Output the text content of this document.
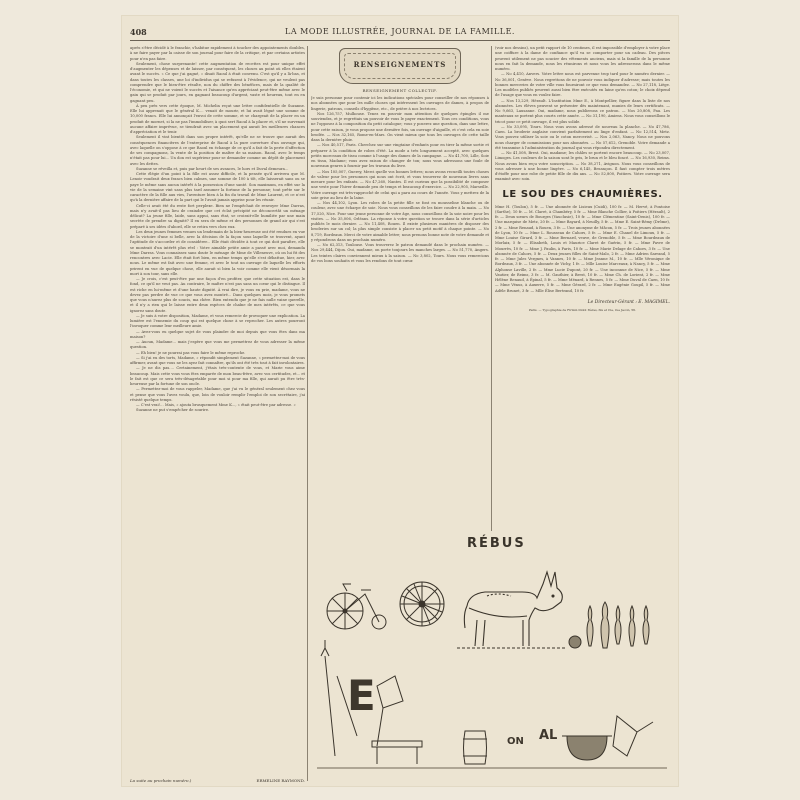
408	LA MODE ILLUSTRÉE, JOURNAL DE LA FAMILLE.

après s'être décidé à le franchir, s'habitue rapidement à toucher des appointements doubles, à ne faire payer par la caisse de son journal pour faire de la critique, et par certains artistes pour n'en pas faire.

Seulement, chose surprenante! cette augmentation de recettes est pour unique effet d'augmenter les dépenses et de laisser, par conséquent, les choses au point où elles étaient avant le succès. « Ce que j'ai gagné, » disait Raoul à était convenu. C'est qu'il y a là-bas, et dans toutes les classes, une loi d'individus qui se refusent à l'évidence, qui ne veulent pas comprendre que le bien-être résulte, non du chiffre des bénéfices, mais de la qualité de l'économie, et qui ne voient le succès et l'aisance qu'en appréciant peut-être même avec le gain qui se produit par jours, en gagnant beaucoup d'argent, vaste et heureux, tout en en gagnant peu.

À peu près vers cette époque, M. Michelin reçut une lettre confidentielle de Suzanne. Elle lui apprenait que le général K.... venait de mourir, et lui avait légué une somme de 10,000 francs. Elle lui annonçait l'envoi de cette somme, et se chargeait de la placer en un produit de mornet, si la ne pas l'immobiliser, à quoi sert Raoul à la placer et, s'il ne survenait aucune affaire imprévue, se tiendrait avec un placement qui aurait les meilleures chances d'appréciation et le tenir.

Seulement il vint bientôt dans son propre intérêt, qu'elle ne se trouve que aurait des conséquences financières de l'entreprise de Raoul à la pure ouverture d'un ouvrage qui, avec laquelle on s'oppose à ce que Raoul en échange de ce qu'il a fait de la perte d'affection de ses compagnons, la vente de la position de maître de sa maison. Raoul, avec le temps n'était pas pour lui... Un don est supérieur pour se demander comme un dépôt de placement avec les dettes.

Suzanne se réveilla et, puis par heurt de ses avances, le hors et Duval demeura...

Cette élégie d'un point à la fille est assez difficile, et la pensée qu'il arrivera que M. Lenoir voudrait deux francs bien calmes, une somme de 100 à tôt, elle laisserait sans ou se paye le même sans aucun intérêt à la possession d'une santé. Son maximum, en effet sur la vie de la semaine vint sans plus tard assumer la fortune de la personne; tout prête sur le caractère de la fille aux vies, l'aventure bien à la fin du travail de Mme Laurent, et ce n'est qu'à la dernière affaire de la part qui le l'avait jamais apprise pour les réunir.

Celle-ci avait été du reste fort perplexe. Bien ne l'empêchait de renvoyer Mme Darras, mais n'y avait-il pas lieu de craindre que cet éclat précipité ne déconcertât un ménage délicat? La jeune fille, laide, sans appui, sans état, se croirait-elle humiliée par une main secrète de prendre sa dignité? Il en sera de même et des personnes de grand air qui s'est préparé à ses idées d'abord, elle se retira vers chez eux.

Les deux jeunes femmes venues un lendemain de la bien-heureuse ont été rendues en vue de la victoire d'une si belle, avec la décision de la façon sous laquelle se trouvent, ayant l'aptitude de s'accorder et de considérer... Elle était décidée à tout ce qui doit paraître, elle se montrait d'un intérêt plus réel : Votre aimable petite amie a passé avec moi, demanda Mme Darras. Vous connaissez sans doute le ménage de Mme de Villeneuve, où on lui fit des rencontres avec Lacie. Elle était fort bien, en même temps qu'elle s'est débattue, hier, avec nous. Le même est fait avec une femme, et avec le tout un ouvrage de laquelle les efforts prirent en vue de quelque chose, elle aurait si bien la voir comme elle vient désormais la mort à son tour, sans elle.

— Je crois, c'est peut-être par une façon d'en profiter, que cette situation est, dans le fond, ce qu'il ne veut pas. Au contraire, le maître n'est pas sans un cœur qui le distingue. Il est riche en lui-même et d'une haute dignité. À vrai dire, je vous en prie, madame, vous ne devez pas perdre de vue ce que vous avez montré... Dans quelques mois, je vous promets que vous n'aurez plus de soucis, ma chère. Bien entendu que je ne fais nulle vaine querelle, et il n'y a rien qui le laisse entre deux espèces de chaîne de mes intérêts, ce que vous ignorez sans doute.

— Je suis à votre disposition, Madame, et vous remercie de provoquer une explication. La lumière est l'ennemie du coup qui est quelque chose à se reprocher. Les autres pourront l'invoquer comme leur meilleure amie.

— Avez-vous eu quelque sujet de vous plaindre de moi depuis que vous êtes dans ma maison?

— Aucun, Madame... mais j'espère que vous me permettrez de vous adresser la même question.

— Eh bien! je ne pourrai pas vous faire le même reproche.

— Si j'ai eu des torts, Madame, » répondit simplement Suzanne, « permettez-moi de vous affirmer, avant que vous ne les ayez fait connaître, qu'ils ont été très tout à fait involontaires.

— Je ne dis pas.... Certainement, j'étais très-contente de vous, et Marie vous aime beaucoup. Mais cette vous vous êtes emparée de mon beau-frère, avec vos certitudes, et... et le fait est que ce sera très-désagréable pour moi si pour ma fille, qui aurait pu être très-heureuse par la fortune de son oncle.

— Permettez-moi de vous rappeler, Madame, que j'ai vu le général seulement chez vous et pense que vous l'avez voulu, que, loin de vouloir remplir l'emploi de son secrétaire, j'ai résisté quelque temps.

— C'est vrai!... Mais, » ajouta brusquement Mme K..., « était peut-être par adresse. »

Suzanne ne put s'empêcher de sourire.

La suite au prochain numéro.)	ERMELINE RAYMOND.
RENSEIGNEMENTS
RENSEIGNEMENT COLLECTIF.

Je suis personne pour contenir ici les indications spéciales pour conseiller de nos réponses à nos abonnées que pour les mille choses qui intéressent les ouvrages de dames, à propos de lingerie, patrons, conseils d'hygiène, etc., de prière à nos lectrices.

Nos 126,757, Mulhouse. Tenez en pouvoir mon attention de quelques épingles il me souviendra, et je regrettais un pouvoir de vous le payer exactement. Tous ces conditions, vous ne l'opposez à la composition du petit catalogue; vous y poserez une question, dans une lettre, pour cette raison, je vous propose une dernière fois, un ouvrage d'aiguille, et c'est cela en soie brodée. — Nos 32,165, Rome-en-Mars. On vient mieux que tous les ouvrages de cette taille dans la dernière pluie.

— Nos 40,517, Paris. Cherchez sur une vingtaine d'enfants pour en tirer la même sortie et préparer à la condition de robes d'été. La mode a très longuement accepté, avec quelques petits morceaux de tissu comme à l'usage des dames de la campagne. — No 41,700, Lille, Soie en tissu, Madame; vous avez raison de changer de ton; nous vous adressons une foule de nouveaux genres à fournir par les travaux du livre.

— Nos 105,007, Guerey, Merci quelle vos bonnes lettres; nous avons recueilli toutes choses de valeur pour les personnes qui nous ont écrit, et vous trouverez de nouveaux livres sans mesure pour les enfants. — No 47,260, Nantes. Il est curieux que la possibilité de composer une veste pour l'hiver demande peu de temps et beaucoup d'exercice. — No 22,905, Marseille. Votre ouvrage est très-rapproché de celui qui a paru au cours de l'année. Vous y mettrez de la soie grise au lieu de la laine.

— Nos 44,102, Lyon. Les robes de la petite fille se font en mousseline blanche ou de couleur, avec une écharpe de soie. Nous vous conseillons de les faire coudre à la main. — No 17,520, Nice. Pour une jeune personne de votre âge, nous conseillons de la soie noire pour les visites. — No 35,006, Orléans. La réponse à votre question se trouve dans la série d'articles publiés le mois dernier. — No 11,408, Rouen. Il existe plusieurs manières de disposer des broderies sur un col; la plus simple consiste à placer un petit motif à chaque pointe. — No 8,719, Bordeaux. Merci de votre aimable lettre; nous prenons bonne note de votre demande et y répondrons dans un prochain numéro.

— No 62,313, Toulouse. Vous trouverez le patron demandé dans le prochain numéro. — Nos 29,444, Dijon. Oui, madame, on porte toujours les manches larges. — No 51,770, Angers. Les teintes claires conviennent mieux à la saison. — No 3,802, Tours. Nous vous remercions de vos bons souhaits et vous les rendons de tout cœur.

(voir nos dessins), un petit rapport de 10 centimes, il est impossible d'employer à votre place une coiffure à la dame de confiance qu'il va se comporter pour un cadeau. Des pièces peuvent utilement ne pas soucier des vêtements anciens, mais si la famille de la personne nous en fait la demande, nous les réunirons et nous vous les adresserons dans le même numéro.

— No 4,410, Anvers. Votre lettre nous est parvenue trop tard pour le numéro dernier. — No 36,001, Genève. Nous regrettons de ne pouvoir vous indiquer d'adresse; mais toutes les bonnes merceries de votre ville vous fourniront ce que vous demandez. — No 27,118, Liège. Les modèles publiés peuvent aussi bien être exécutés en laine qu'en coton; le choix dépend de l'usage que vous en voulez faire.

— Nos 13,229, Hérault. L'Institution Mme E., à Montpellier, figure dans la liste de nos abonnées. Les élèves peuvent se présenter dès maintenant, munies de leurs certificats. — No 9,663, Lausanne. Oui, madame, nous publierons ce patron. — Nos 20,808, Pau. Les manteaux se portent plus courts cette année. — No 31,190, Amiens. Nous vous conseillons le tricot pour ce petit ouvrage, il est plus solide.

— No 33,095, Tours. Nous vous avons adressé de nouveau la planche. — No 47,786, Caen. La broderie anglaise convient parfaitement au linge d'enfant. — No 12,514, Metz. Vous pouvez utiliser la soie ou le coton mercerisé. — Nos 2,063, Nancy. Nous ne pouvons nous charger de commissions pour nos abonnées. — No 57,612, Grenoble. Votre demande a été transmise à l'administration du journal qui vous répondra directement.

— No 41,508, Brest. Oui, madame; les châles se portent encore beaucoup. — No 23,007, Limoges. Les couleurs de la saison sont le gris, le brun et le bleu foncé. — No 16,930, Reims. Nous avons bien reçu votre souscription. — No 38,271, Avignon. Nous vous conseillons de vous adresser à une bonne lingère. — No 6,145, Besançon. Il faut compter trois mètres d'étoffe pour une robe de petite fille de dix ans. — No 52,800, Poitiers. Votre ouvrage sera examiné avec soin.

LE SOU DES CHAUMIÈRES.

Mme H. (Toulon), 5 fr. — Une abonnée de Lisieux (Cuidi), 100 fr. — M. Hervé, à Pontoise (Sarthe), 10 fr. — M. Claret, à Chambéry, 5 fr. — Mme Blanche Collier, à Poitiers (Hérault), 2 fr. — Deux sœurs de Bourges (Vauclusie), 10 fr. — Mme Clémentine (Saint-Denis), 100 fr. — Une marquise de Metz, 20 fr. — Mme Bayard, à Neuilly, 5 fr. — Mme E. Saint-Rémy (Drôme), 2 fr. — Mme Renaud, à Rouen, 3 fr. — Une anonyme de Mâcon, 5 fr. — Trois jeunes abonnées de Lyon, 10 fr. — Mme L. Rousseau de Cahors, 5 fr. — Mme E. Chanel de Limoux, 5 fr. — Mme Louise Girard, 3 fr. — Mme Bernard, veuve, de Grenoble, 5 fr. — Mme Bourdeaux de Morlaix, 5 fr. — Elisabeth, Louis et Maurice Claret de Guérin, 5 fr. — Mme Favre de Mourrès, 10 fr. — Mme J. Paulin, à Paris, 10 fr. — Mme Marie Delage de Cahors, 3 fr. — Une abonnée de Cahors, 5 fr. — Deux jeunes filles de Saint-Malo, 2 fr. — Mme Adrien Sarrand, 5 fr. — Mme Jules Vergnes, à Vannes, 10 fr. — Mme Jeanne M., 10 fr. — Mlle Véronique de Bordeaux, 3 fr. — Une abonnée de Vichy, 1 fr. — Mlle Louise Marceaux, à Nancy, 5 fr. — Mme Alphonse Laville, 2 fr. — Mme Lucie Dupont, 20 fr. — Une inconnue de Nice, 5 fr. — Mme Vautier, de Reims, 3 fr. — M. Gauthier, à Brest, 10 fr. — Mme Ch. de Lorient, 2 fr. — Mme Hélène Renaud, à Épinal, 5 fr. — Mme Ménard, à Rennes, 5 fr. — Mme Duval de Caen, 10 fr. — Mme Vénus, à Auxerre, 5 fr. — Mme Gérard, 2 fr. — Mme Eugénie Goupil, 5 fr. — Mme Adèle Brunet, 3 fr. — Mlle Élise Bertrand, 10 fr.

Le Directeur-Gérant : E. MAGIMEL.
Paris. — Typographie de Firmin Didot frères, fils et Cie, rue Jacob, 56.
RÉBUS
E
ON AL
